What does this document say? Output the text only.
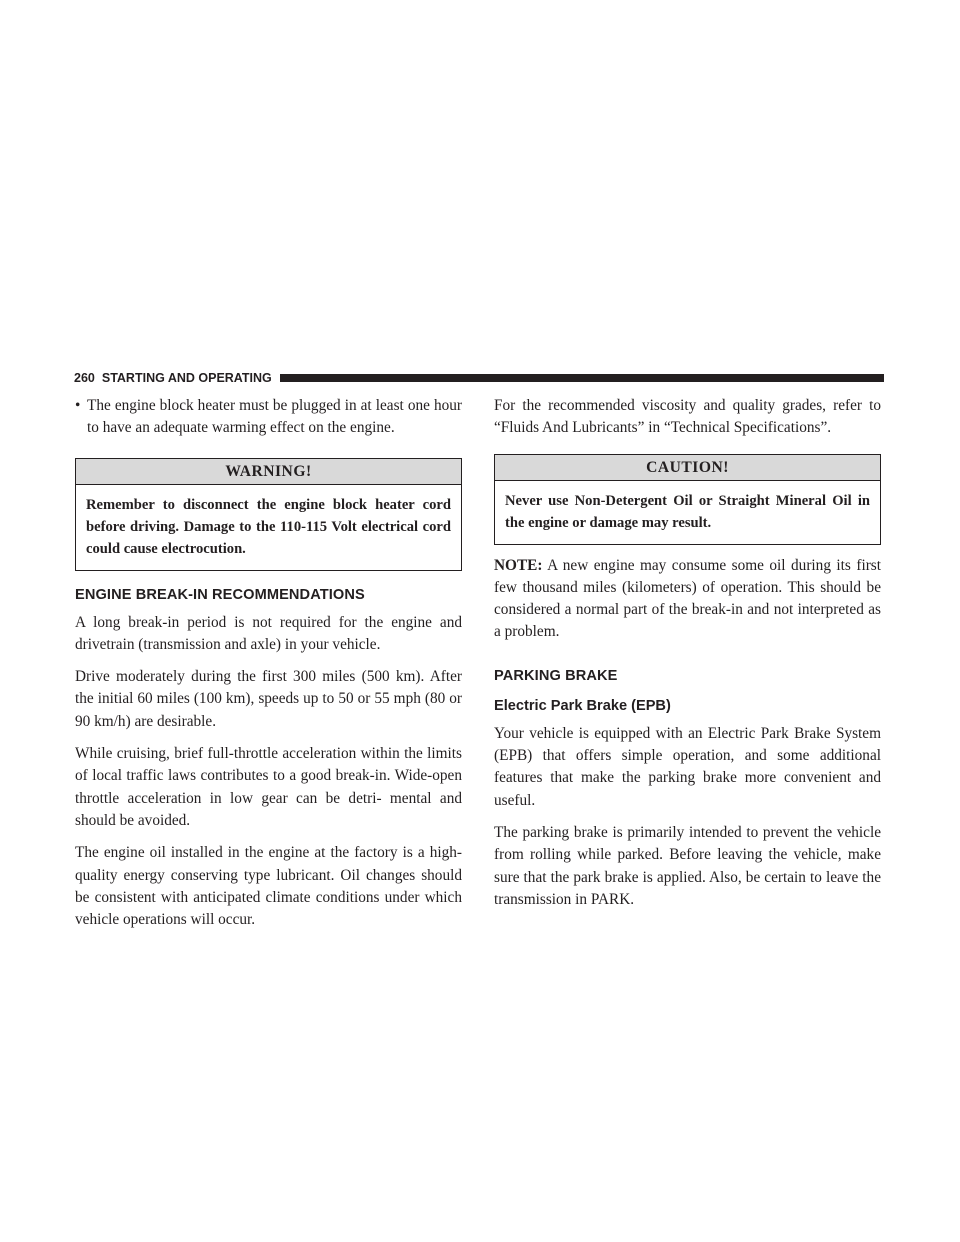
260 STARTING AND OPERATING
• The engine block heater must be plugged in at least one hour to have an adequate warming effect on the engine.
WARNING!
Remember to disconnect the engine block heater cord before driving. Damage to the 110-115 Volt electrical cord could cause electrocution.
ENGINE BREAK-IN RECOMMENDATIONS

A long break-in period is not required for the engine and drivetrain (transmission and axle) in your vehicle.

Drive moderately during the first 300 miles (500 km). After the initial 60 miles (100 km), speeds up to 50 or 55 mph (80 or 90 km/h) are desirable.

While cruising, brief full-throttle acceleration within the limits of local traffic laws contributes to a good break-in. Wide-open throttle acceleration in low gear can be detri- mental and should be avoided.

The engine oil installed in the engine at the factory is a high-quality energy conserving type lubricant. Oil changes should be consistent with anticipated climate conditions under which vehicle operations will occur.

For the recommended viscosity and quality grades, refer to “Fluids And Lubricants” in “Technical Specifications”.

CAUTION!
Never use Non-Detergent Oil or Straight Mineral Oil in the engine or damage may result.

NOTE: A new engine may consume some oil during its first few thousand miles (kilometers) of operation. This should be considered a normal part of the break-in and not interpreted as a problem.

PARKING BRAKE
Electric Park Brake (EPB)

Your vehicle is equipped with an Electric Park Brake System (EPB) that offers simple operation, and some additional features that make the parking brake more convenient and useful.

The parking brake is primarily intended to prevent the vehicle from rolling while parked. Before leaving the vehicle, make sure that the park brake is applied. Also, be certain to leave the transmission in PARK.
